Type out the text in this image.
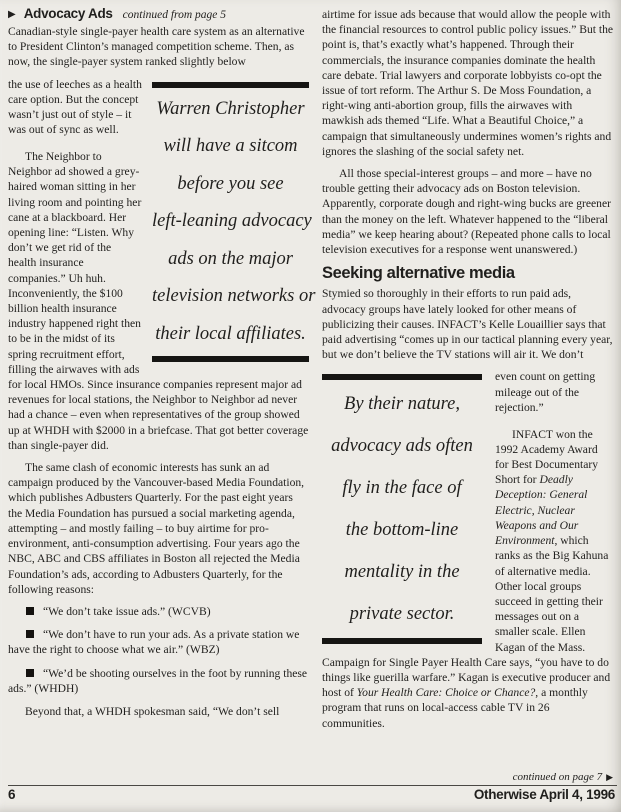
▶ Advocacy Ads continued from page 5

Canadian-style single-payer health care system as an alternative to President Clinton’s managed competition scheme. Then, as now, the single-payer system ranked slightly below

Warren Christopher
will have a sitcom
before you see
left-leaning advocacy
ads on the major
television networks or
their local affiliates.
the use of leeches as a health care option. But the concept wasn’t just out of style – it was out of sync as well.

The Neighbor to Neighbor ad showed a grey-haired woman sitting in her living room and pointing her cane at a blackboard. Her opening line: “Listen. Why don’t we get rid of the health insurance companies.” Uh huh. Inconveniently, the $100 billion health insurance industry happened right then to be in the midst of its spring recruitment effort, filling the airwaves with ads for local HMOs. Since insurance companies represent major ad revenues for local stations, the Neighbor to Neighbor ad never had a chance – even when representatives of the group showed up at WHDH with $2000 in a briefcase. That got better coverage than single-payer did.

The same clash of economic interests has sunk an ad campaign produced by the Vancouver-based Media Foundation, which publishes Adbusters Quarterly. For the past eight years the Media Foundation has pursued a social marketing agenda, attempting – and mostly failing – to buy airtime for pro-environment, anti-consumption advertising. Four years ago the NBC, ABC and CBS affiliates in Boston all rejected the Media Foundation’s ads, according to Adbusters Quarterly, for the following reasons:

“We don’t take issue ads.” (WCVB)

“We don’t have to run your ads. As a private station we have the right to choose what we air.” (WBZ)

“We’d be shooting ourselves in the foot by running these ads.” (WHDH)

Beyond that, a WHDH spokesman said, “We don’t sell

airtime for issue ads because that would allow the people with the financial resources to control public policy issues.” But the point is, that’s exactly what’s happened. Through their commercials, the insurance companies dominate the health care debate. Trial lawyers and corporate lobbyists co-opt the issue of tort reform. The Arthur S. De Moss Foundation, a right-wing anti-abortion group, fills the airwaves with mawkish ads themed “Life. What a Beautiful Choice,” a campaign that simultaneously undermines women’s rights and ignores the slashing of the social safety net.

All those special-interest groups – and more – have no trouble getting their advocacy ads on Boston television. Apparently, corporate dough and right-wing bucks are greener than the money on the left. Whatever happened to the “liberal media” we keep hearing about? (Repeated phone calls to local television executives for a response went unanswered.)

Seeking alternative media

Stymied so thoroughly in their efforts to run paid ads, advocacy groups have lately looked for other means of publicizing their causes. INFACT’s Kelle Louaillier says that paid advertising “comes up in our tactical planning every year, but we don’t believe the TV stations will air it. We don’t

By their nature,
advocacy ads often
fly in the face of
the bottom-line
mentality in the
private sector.
even count on getting mileage out of the rejection.”

INFACT won the 1992 Academy Award for Best Documentary Short for Deadly Deception: General Electric, Nuclear Weapons and Our Environment, which ranks as the Big Kahuna of alternative media. Other local groups succeed in getting their messages out on a smaller scale. Ellen Kagan of the Mass. Campaign for Single Payer Health Care says, “you have to do things like guerilla warfare.” Kagan is executive producer and host of Your Health Care: Choice or Chance?, a monthly program that runs on local-access cable TV in 26 communities.

continued on page 7 ▶
6	Otherwise April 4, 1996
